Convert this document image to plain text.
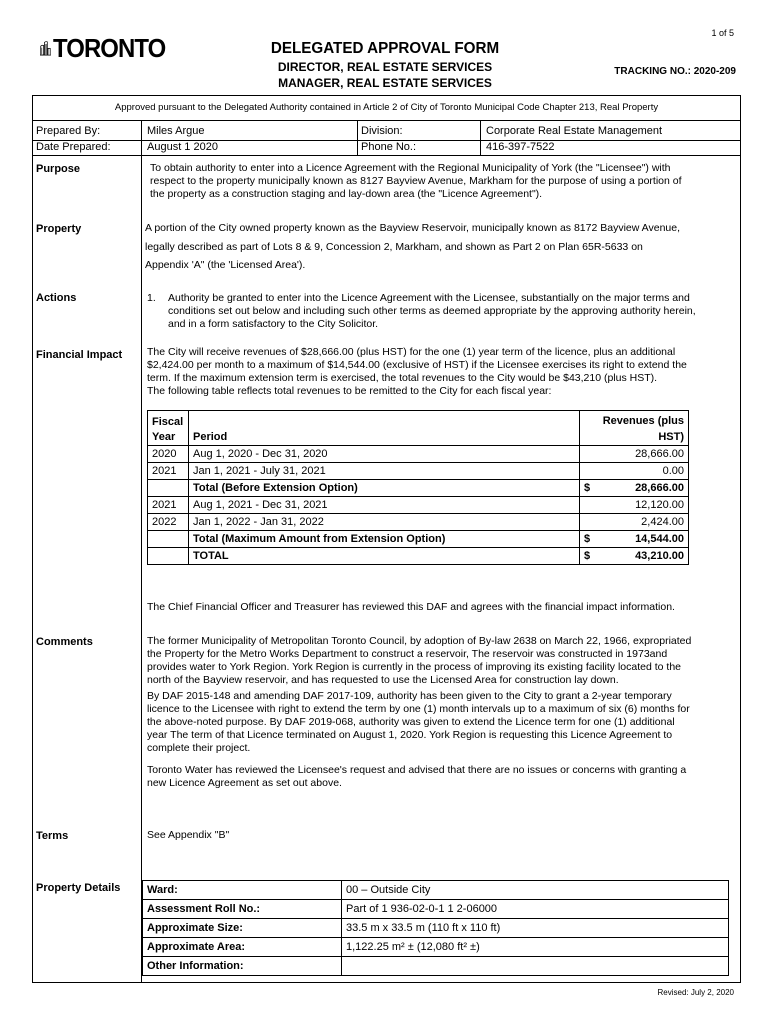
1 of 5
TORONTO	DELEGATED APPROVAL FORM
DIRECTOR, REAL ESTATE SERVICES
MANAGER, REAL ESTATE SERVICES
TRACKING NO.: 2020-209
Approved pursuant to the Delegated Authority contained in Article 2 of City of Toronto Municipal Code Chapter 213, Real Property
Prepared By:	Miles Argue	Division:	Corporate Real Estate Management
Date Prepared:	August 1 2020	Phone No.:	416-397-7522
Purpose	To obtain authority to enter into a Licence Agreement with the Regional Municipality of York (the "Licensee") with
respect to the property municipally known as 8127 Bayview Avenue, Markham for the purpose of using a portion of
the property as a construction staging and lay-down area (the "Licence Agreement").
Property	A portion of the City owned property known as the Bayview Reservoir, municipally known as 8172 Bayview Avenue,
legally described as part of Lots 8 & 9, Concession 2, Markham, and shown as Part 2 on Plan 65R-5633 on
Appendix 'A" (the 'Licensed Area').
Actions	1. Authority be granted to enter into the Licence Agreement with the Licensee, substantially on the major terms and
conditions set out below and including such other terms as deemed appropriate by the approving authority herein,
and in a form satisfactory to the City Solicitor.
Financial Impact The City will receive revenues of $28,666.00 (plus HST) for the one (1) year term of the licence, plus an additional
$2,424.00 per month to a maximum of $14,544.00 (exclusive of HST) if the Licensee exercises its right to extend the
term. If the maximum extension term is exercised, the total revenues to the City would be $43,210 (plus HST).
The following table reflects total revenues to be remitted to the City for each fiscal year:
Fiscal
Year	Period	Revenues (plus HST)	
2020	Aug 1, 2020 - Dec 31, 2020	28,666.00	
2021	Jan 1, 2021 - July 31, 2021	0.00	
	Total (Before Extension Option)	$	28,666.00
2021	Aug 1, 2021 - Dec 31, 2021	12,120.00	
2022	Jan 1, 2022 - Jan 31, 2022	2,424.00	
	Total (Maximum Amount from Extension Option)	$	14,544.00
	TOTAL	$	43,210.00
The Chief Financial Officer and Treasurer has reviewed this DAF and agrees with the financial impact information.
Comments	The former Municipality of Metropolitan Toronto Council, by adoption of By-law 2638 on March 22, 1966, expropriated
the Property for the Metro Works Department to construct a reservoir, The reservoir was constructed in 1973and
provides water to York Region. York Region is currently in the process of improving its existing facility located to the
north of the Bayview reservoir, and has requested to use the Licensed Area for construction lay down.
By DAF 2015-148 and amending DAF 2017-109, authority has been given to the City to grant a 2-year temporary
licence to the Licensee with right to extend the term by one (1) month intervals up to a maximum of six (6) months for
the above-noted purpose. By DAF 2019-068, authority was given to extend the Licence term for one (1) additional
year The term of that Licence terminated on August 1, 2020. York Region is requesting this Licence Agreement to
complete their project.
Toronto Water has reviewed the Licensee's request and advised that there are no issues or concerns with granting a
new Licence Agreement as set out above.
Terms	See Appendix "B"
Property Details Ward:	00 – Outside City
Assessment Roll No.:	Part of 1 936-02-0-1 1 2-06000
Approximate Size:	33.5 m x 33.5 m (110 ft x 110 ft)
Approximate Area:	1,122.25 m² ± (12,080 ft² ±)
Other Information:	
Revised: July 2, 2020
